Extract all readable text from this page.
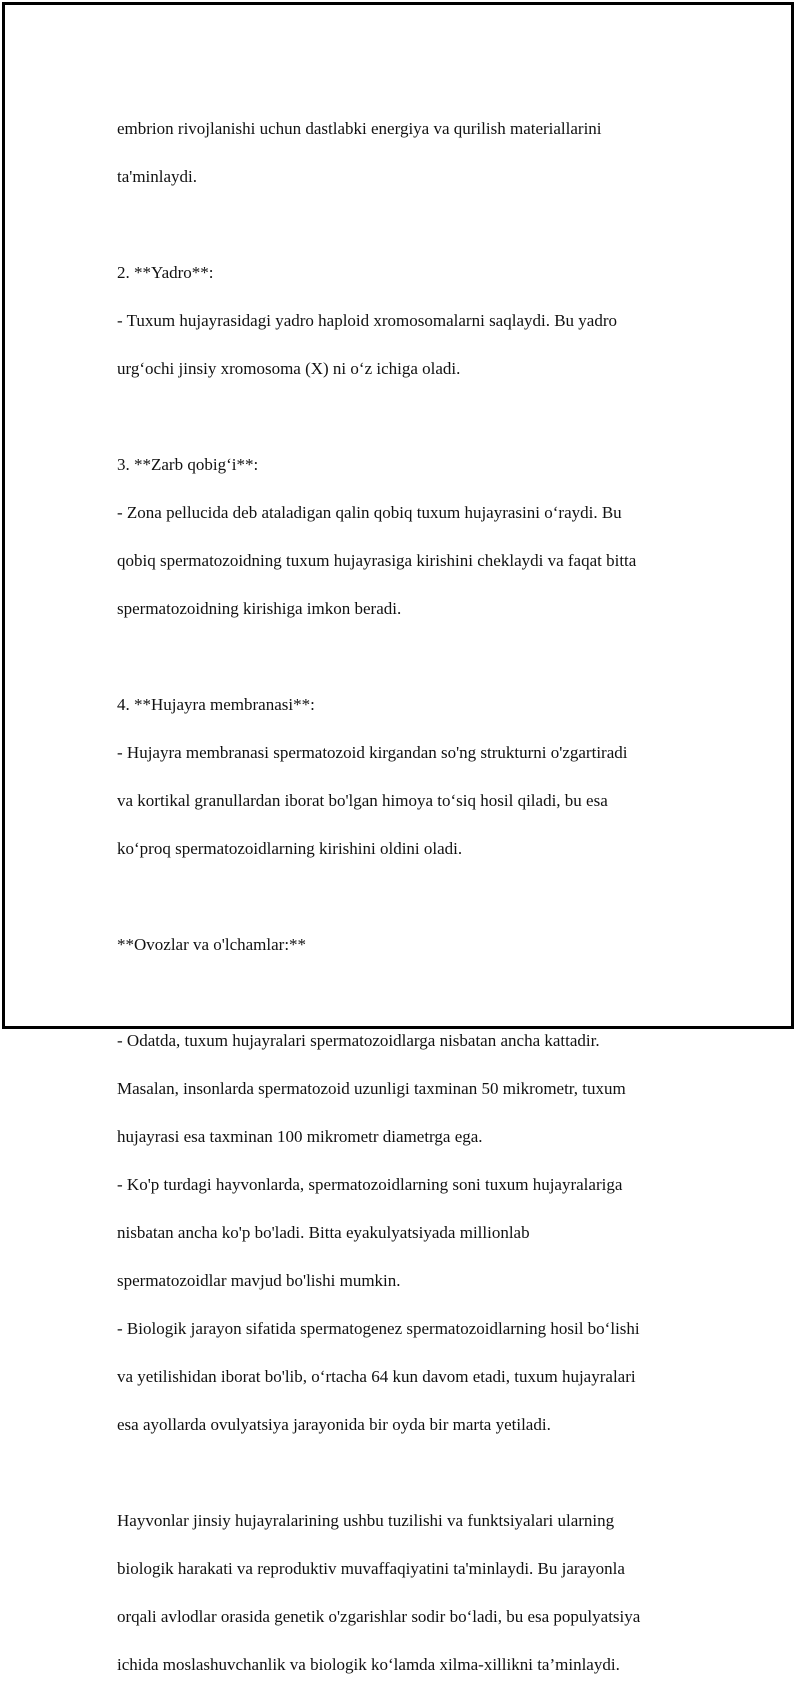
embrion rivojlanishi uchun dastlabki energiya va qurilish materiallarini

ta'minlaydi.

2. **Yadro**:

- Tuxum hujayrasidagi yadro haploid xromosomalarni saqlaydi. Bu yadro

urg‘ochi jinsiy xromosoma (X) ni o‘z ichiga oladi.

3. **Zarb qobig‘i**:

- Zona pellucida deb ataladigan qalin qobiq tuxum hujayrasini o‘raydi. Bu

qobiq spermatozoidning tuxum hujayrasiga kirishini cheklaydi va faqat bitta

spermatozoidning kirishiga imkon beradi.

4. **Hujayra membranasi**:

- Hujayra membranasi spermatozoid kirgandan so'ng strukturni o'zgartiradi

va kortikal granullardan iborat bo'lgan himoya to‘siq hosil qiladi, bu esa

ko‘proq spermatozoidlarning kirishini oldini oladi.

**Ovozlar va o'lchamlar:**

- Odatda, tuxum hujayralari spermatozoidlarga nisbatan ancha kattadir.

Masalan, insonlarda spermatozoid uzunligi taxminan 50 mikrometr, tuxum

hujayrasi esa taxminan 100 mikrometr diametrga ega.

- Ko'p turdagi hayvonlarda, spermatozoidlarning soni tuxum hujayralariga

nisbatan ancha ko'p bo'ladi. Bitta eyakulyatsiyada millionlab

spermatozoidlar mavjud bo'lishi mumkin.

- Biologik jarayon sifatida spermatogenez spermatozoidlarning hosil bo‘lishi

va yetilishidan iborat bo'lib, o‘rtacha 64 kun davom etadi, tuxum hujayralari

esa ayollarda ovulyatsiya jarayonida bir oyda bir marta yetiladi.

Hayvonlar jinsiy hujayralarining ushbu tuzilishi va funktsiyalari ularning

biologik harakati va reproduktiv muvaffaqiyatini ta'minlaydi. Bu jarayonla

orqali avlodlar orasida genetik o'zgarishlar sodir bo‘ladi, bu esa populyatsiya

ichida moslashuvchanlik va biologik ko‘lamda xilma-xillikni ta’minlaydi.
